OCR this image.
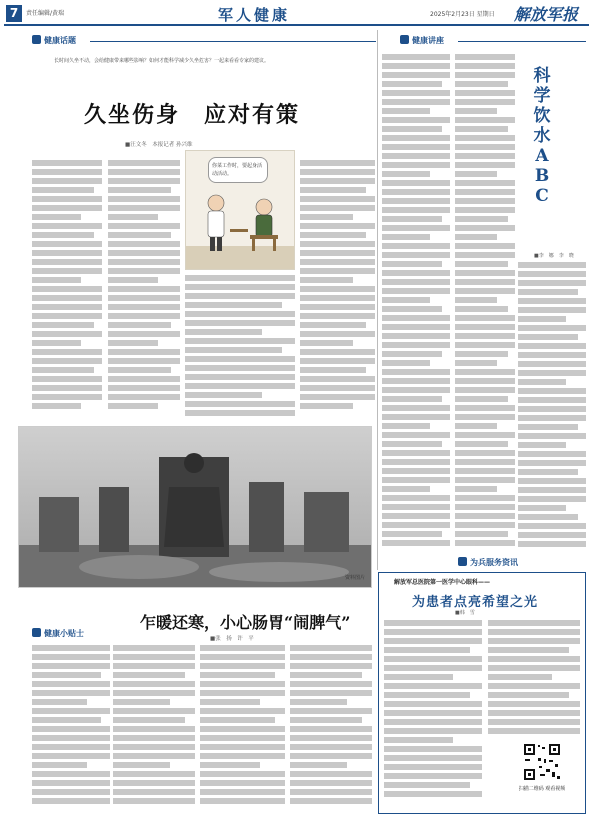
7	责任编辑/黄瑞	军人健康	2025年2月23日 星期日 解放军报
健康话题	健康讲座
长时间久坐不动，会给健康带来哪些影响？如何才能科学减少久坐危害？一起来看看专家的建议。
久坐伤身　应对有策
■汪文冬　本报记者 孙兴维
你菜工作时，要起身活动活动。
资料图片
健康小贴士
乍暖还寒，小心肠胃“闹脾气”
■张　扬　许　平
科
学
饮
水
A
B
C
■李　娜　李　晓
为兵服务资讯
解放军总医院第一医学中心眼科——
为患者点亮希望之光
■韩　雪
扫描二维码 观看视频
